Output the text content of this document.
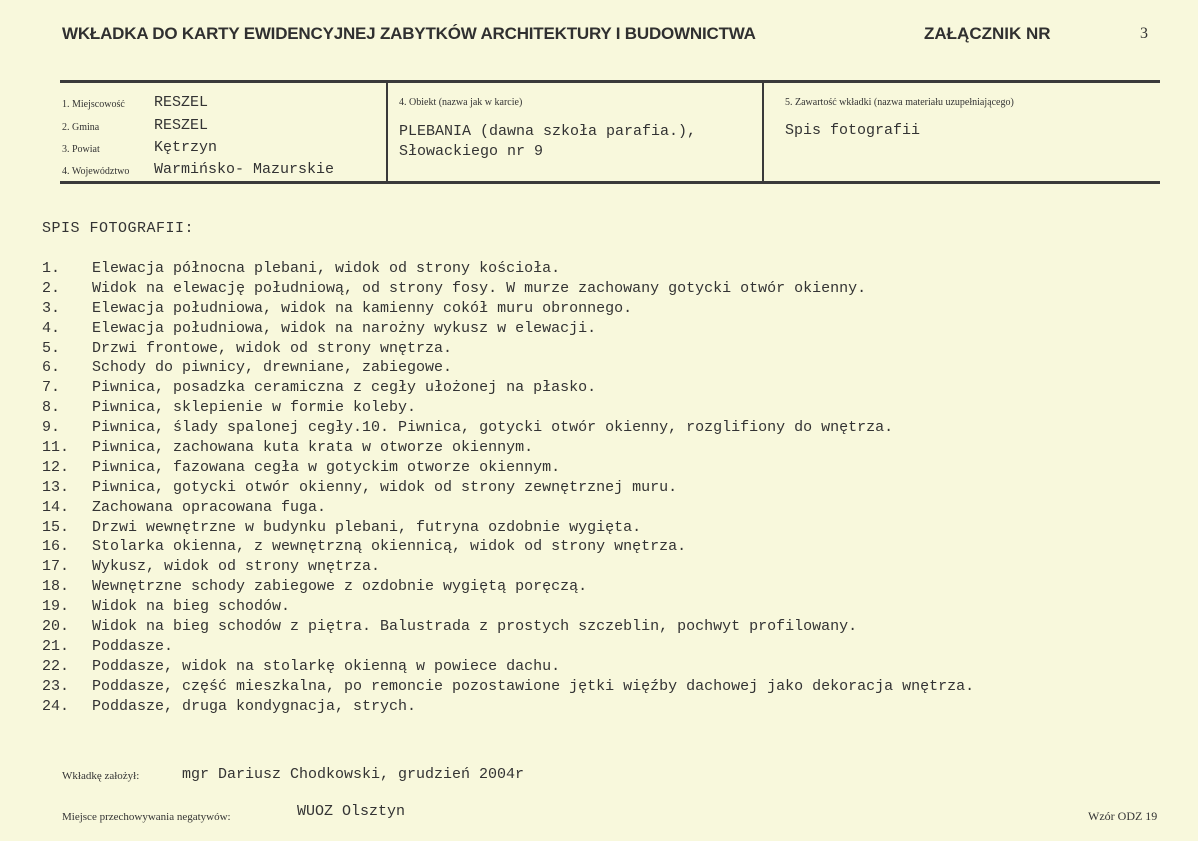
WKŁADKA DO KARTY EWIDENCYJNEJ ZABYTKÓW ARCHITEKTURY I BUDOWNICTWA	ZAŁĄCZNIK NR	3
1. Miejscowość RESZEL
2. Gmina	RESZEL
3. Powiat	Kętrzyn
4. Województwo Warmińsko- Mazurskie
4. Obiekt (nazwa jak w karcie)
PLEBANIA (dawna szkoła parafia.),
Słowackiego nr 9
5. Zawartość wkładki (nazwa materiału uzupełniającego)
Spis fotografii
SPIS FOTOGRAFII:
1. Elewacja północna plebani, widok od strony kościoła.
2. Widok na elewację południową, od strony fosy. W murze zachowany gotycki otwór okienny.
3. Elewacja południowa, widok na kamienny cokół muru obronnego.
4. Elewacja południowa, widok na narożny wykusz w elewacji.
5. Drzwi frontowe, widok od strony wnętrza.
6. Schody do piwnicy, drewniane, zabiegowe.
7. Piwnica, posadzka ceramiczna z cegły ułożonej na płasko.
8. Piwnica, sklepienie w formie koleby.
9. Piwnica, ślady spalonej cegły.10. Piwnica, gotycki otwór okienny, rozglifiony do wnętrza.
11. Piwnica, zachowana kuta krata w otworze okiennym.
12. Piwnica, fazowana cegła w gotyckim otworze okiennym.
13. Piwnica, gotycki otwór okienny, widok od strony zewnętrznej muru.
14. Zachowana opracowana fuga.
15. Drzwi wewnętrzne w budynku plebani, futryna ozdobnie wygięta.
16. Stolarka okienna, z wewnętrzną okiennicą, widok od strony wnętrza.
17. Wykusz, widok od strony wnętrza.
18. Wewnętrzne schody zabiegowe z ozdobnie wygiętą poręczą.
19. Widok na bieg schodów.
20. Widok na bieg schodów z piętra. Balustrada z prostych szczeblin, pochwyt profilowany.
21. Poddasze.
22. Poddasze, widok na stolarkę okienną w powiece dachu.
23. Poddasze, część mieszkalna, po remoncie pozostawione jętki więźby dachowej jako dekoracja wnętrza.
24. Poddasze, druga kondygnacja, strych.
Wkładkę założył:	mgr Dariusz Chodkowski, grudzień 2004r
Miejsce przechowywania negatywów:	WUOZ Olsztyn	Wzór ODZ 19
